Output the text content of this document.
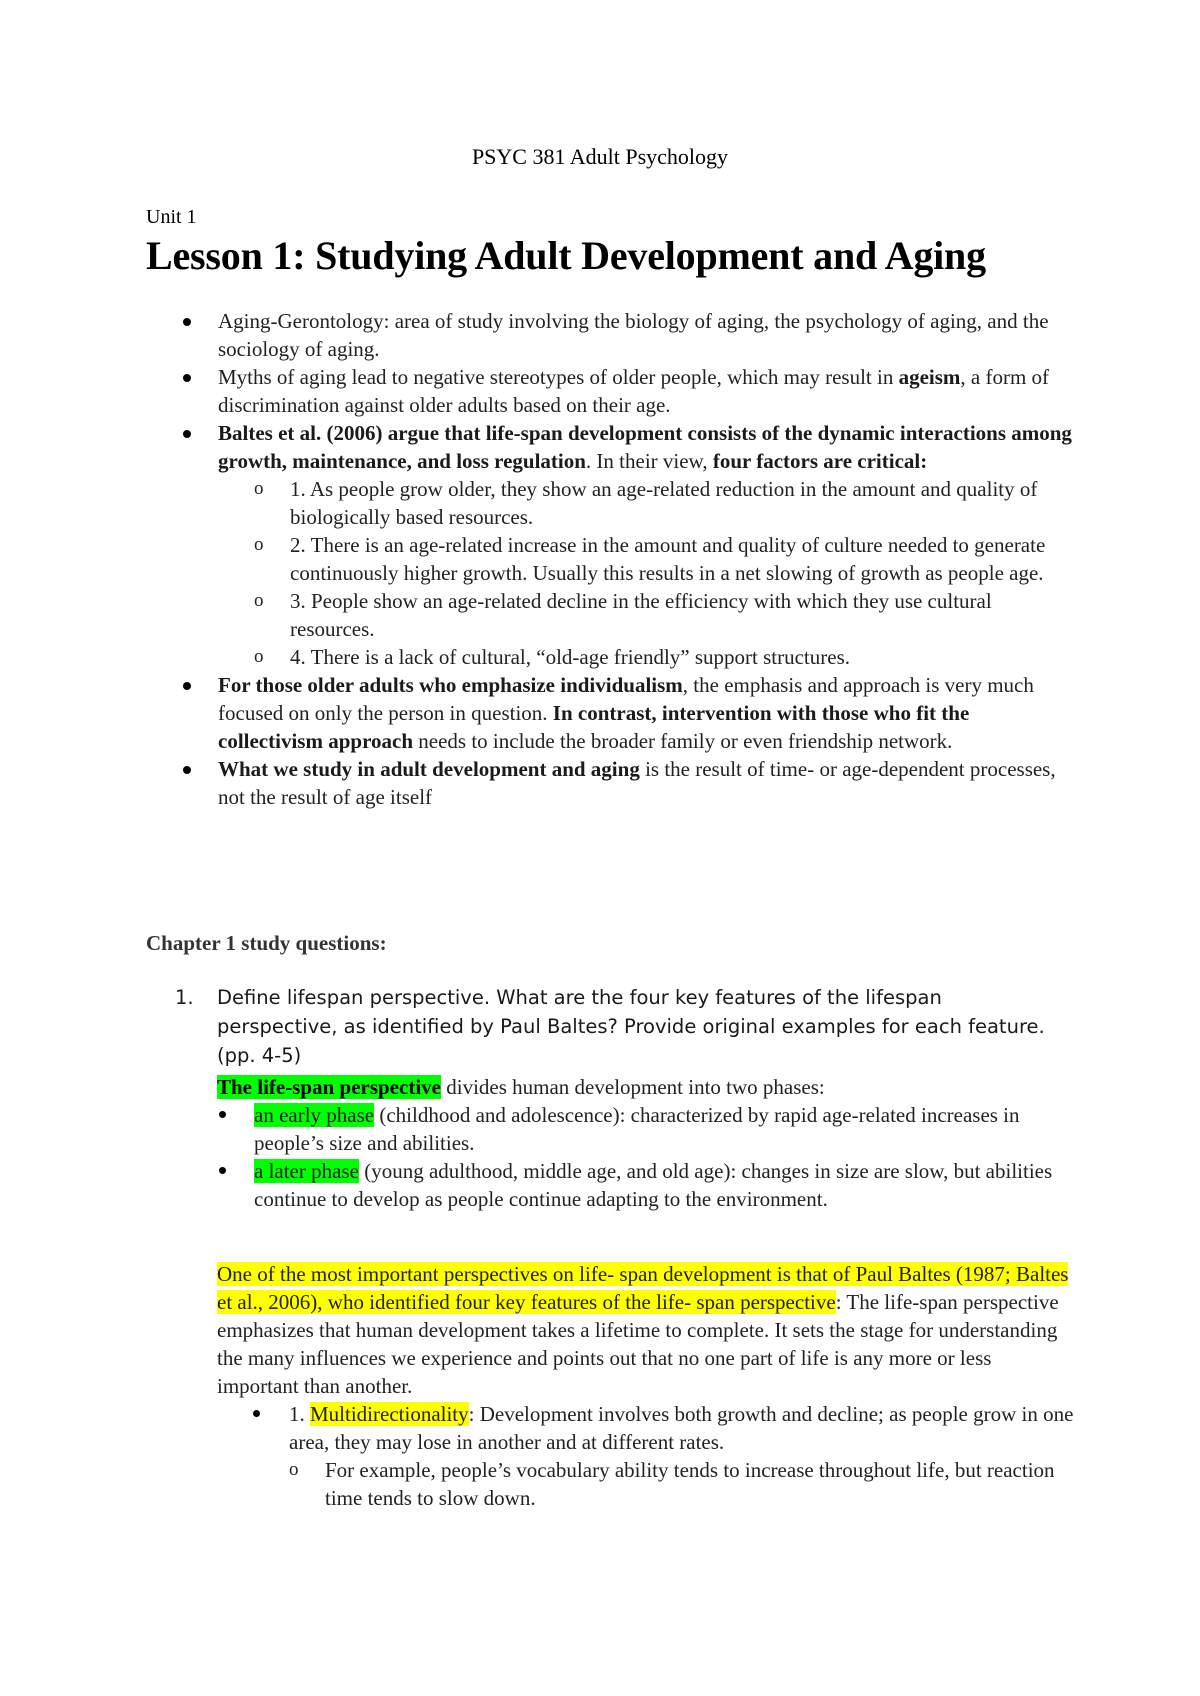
PSYC 381 Adult Psychology
Unit 1
Lesson 1: Studying Adult Development and Aging
Aging-Gerontology: area of study involving the biology of aging, the psychology of aging, and the sociology of aging.
Myths of aging lead to negative stereotypes of older people, which may result in ageism, a form of discrimination against older adults based on their age.
Baltes et al. (2006) argue that life-span development consists of the dynamic interactions among growth, maintenance, and loss regulation. In their view, four factors are critical:
o 1. As people grow older, they show an age-related reduction in the amount and quality of biologically based resources.
o 2. There is an age-related increase in the amount and quality of culture needed to generate continuously higher growth. Usually this results in a net slowing of growth as people age.
o 3. People show an age-related decline in the efficiency with which they use cultural resources.
o 4. There is a lack of cultural, “old-age friendly” support structures.
For those older adults who emphasize individualism, the emphasis and approach is very much focused on only the person in question. In contrast, intervention with those who fit the collectivism approach needs to include the broader family or even friendship network.
What we study in adult development and aging is the result of time- or age-dependent processes, not the result of age itself
Chapter 1 study questions:
1.	Define lifespan perspective. What are the four key features of the lifespan perspective, as identified by Paul Baltes? Provide original examples for each feature. (pp. 4-5)
The life-span perspective divides human development into two phases:
an early phase (childhood and adolescence): characterized by rapid age-related increases in people’s size and abilities.
a later phase (young adulthood, middle age, and old age): changes in size are slow, but abilities continue to develop as people continue adapting to the environment.
One of the most important perspectives on life- span development is that of Paul Baltes (1987; Baltes et al., 2006), who identified four key features of the life- span perspective: The life-span perspective emphasizes that human development takes a lifetime to complete. It sets the stage for understanding the many influences we experience and points out that no one part of life is any more or less important than another.
1. Multidirectionality: Development involves both growth and decline; as people grow in one area, they may lose in another and at different rates.
o For example, people’s vocabulary ability tends to increase throughout life, but reaction time tends to slow down.
